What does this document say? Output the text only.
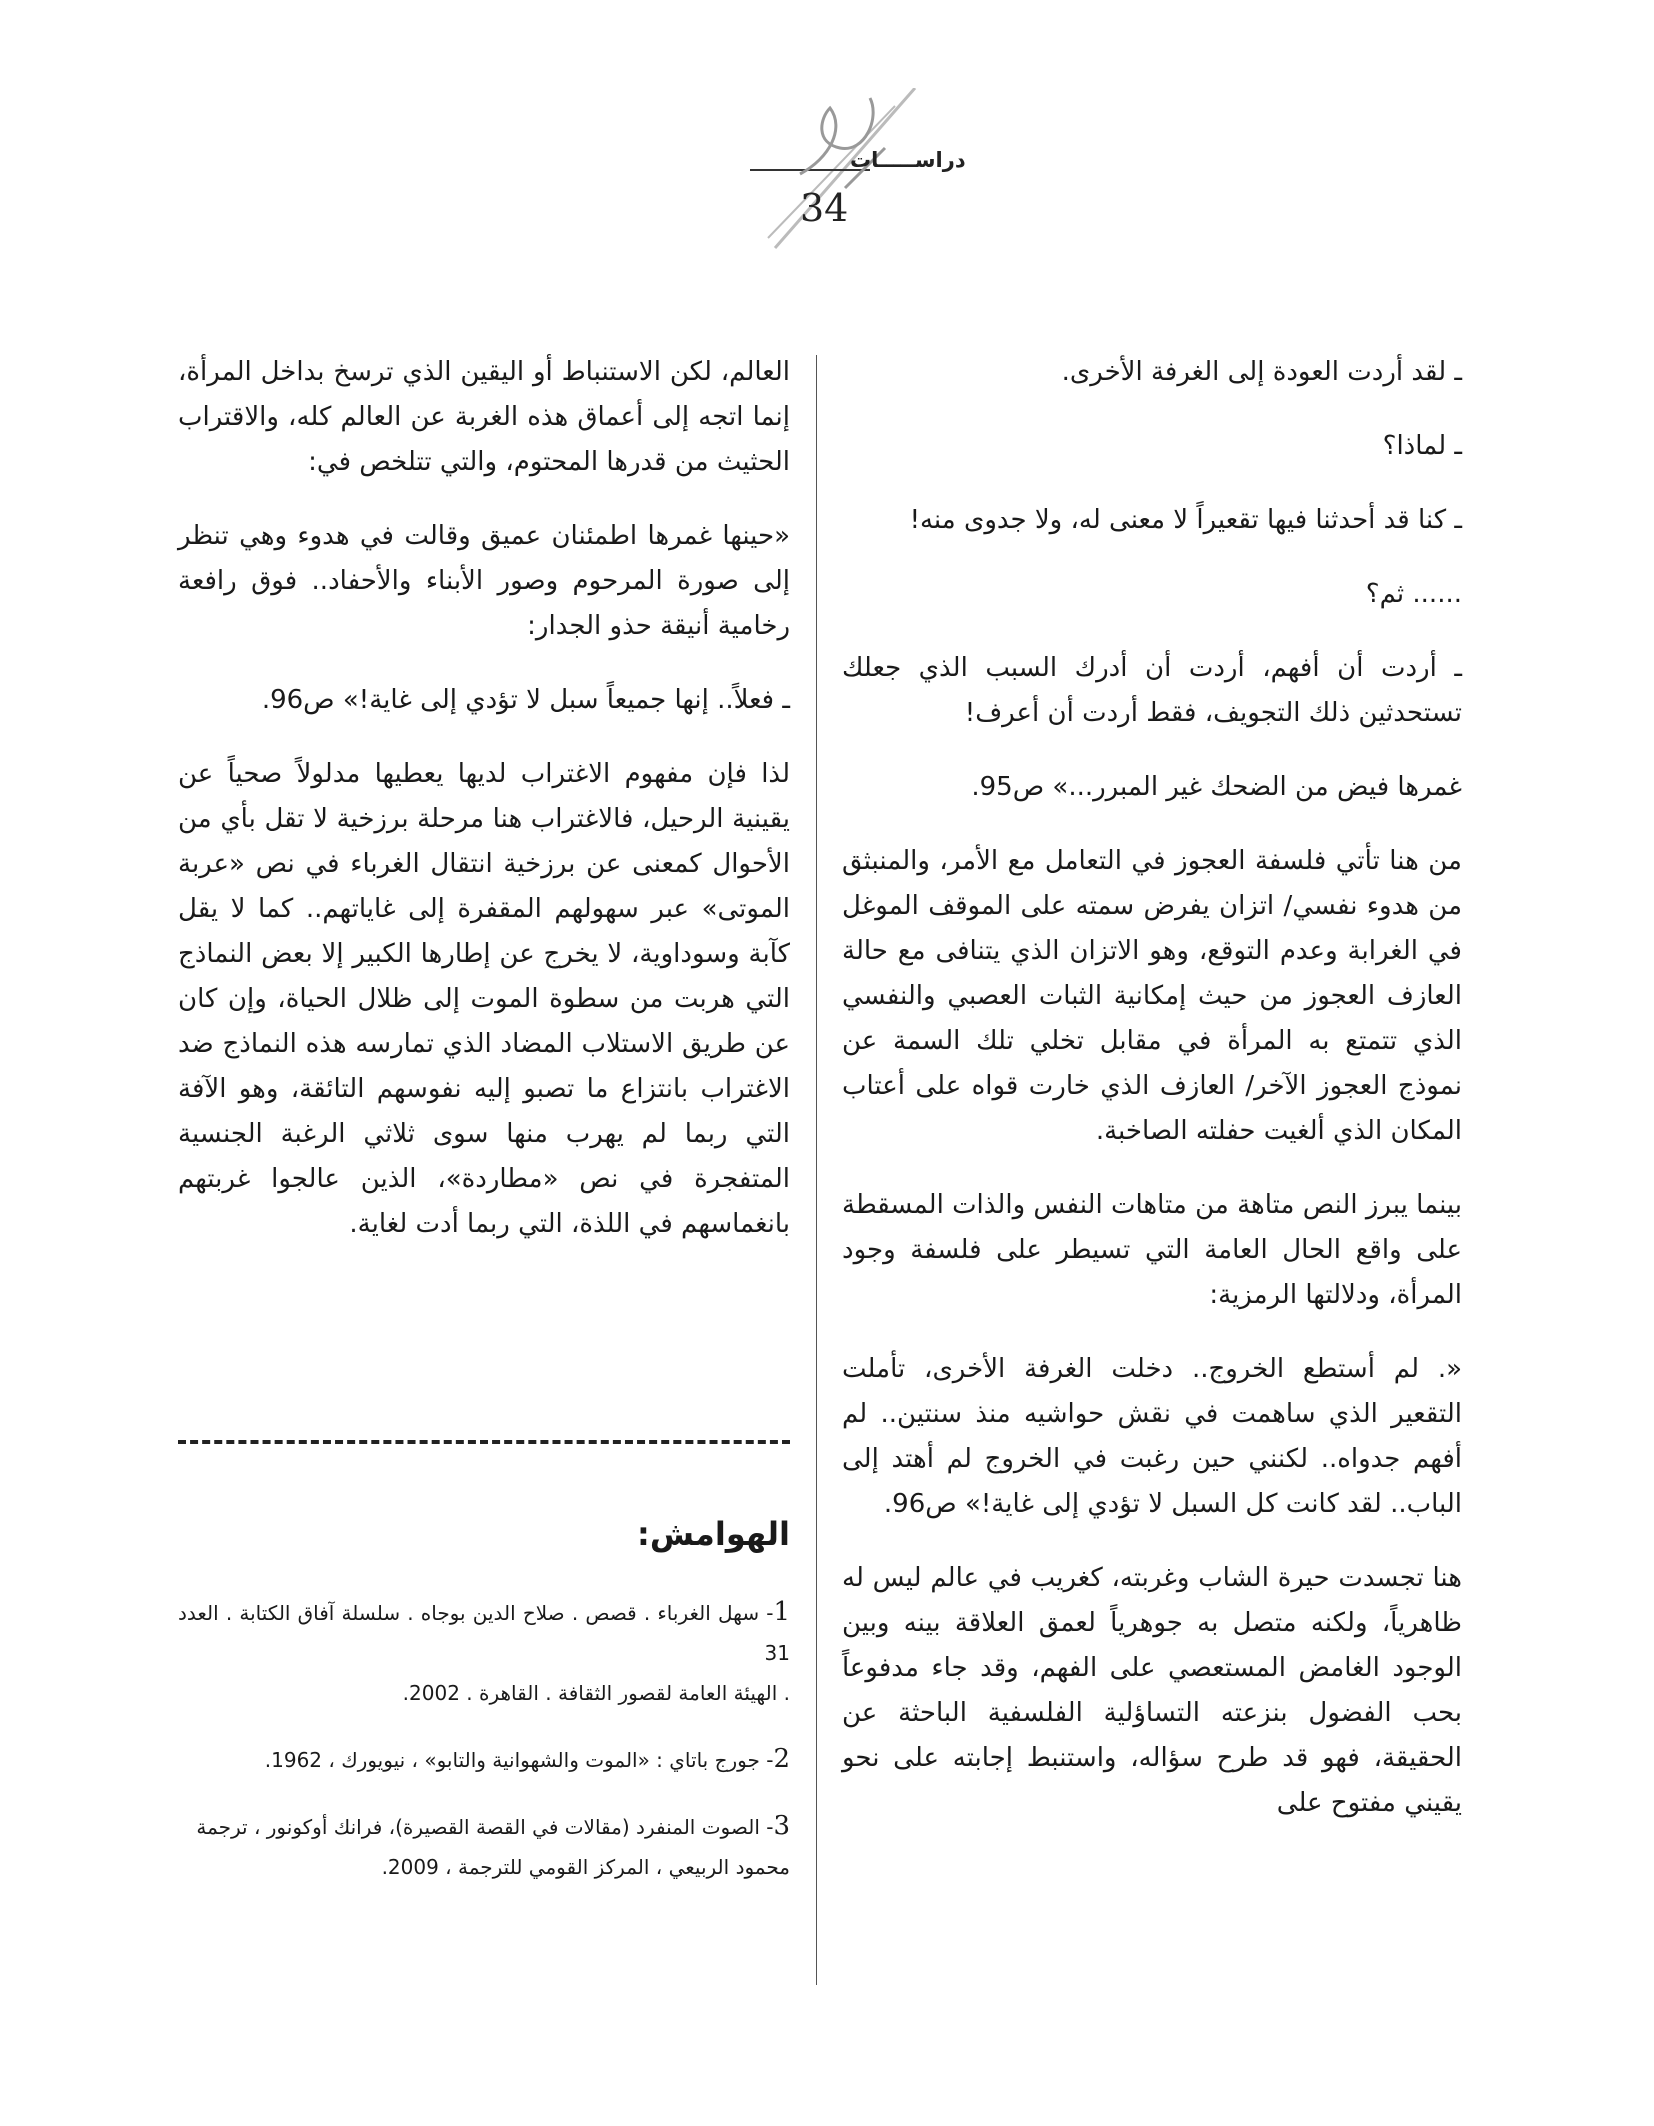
دراســـــات
34

ـ لقد أردت العودة إلى الغرفة الأخرى.

ـ لماذا؟

ـ كنا قد أحدثنا فيها تقعيراً لا معنى له، ولا جدوى منه!

...... ثم؟

ـ أردت أن أفهم، أردت أن أدرك السبب الذي جعلك تستحدثين ذلك التجويف، فقط أردت أن أعرف!

غمرها فيض من الضحك غير المبرر...» ص95.

من هنا تأتي فلسفة العجوز في التعامل مع الأمر، والمنبثق من هدوء نفسي/ اتزان يفرض سمته على الموقف الموغل في الغرابة وعدم التوقع، وهو الاتزان الذي يتنافى مع حالة العازف العجوز من حيث إمكانية الثبات العصبي والنفسي الذي تتمتع به المرأة في مقابل تخلي تلك السمة عن نموذج العجوز الآخر/ العازف الذي خارت قواه على أعتاب المكان الذي ألغيت حفلته الصاخبة.

بينما يبرز النص متاهة من متاهات النفس والذات المسقطة على واقع الحال العامة التي تسيطر على فلسفة وجود المرأة، ودلالتها الرمزية:

«. لم أستطع الخروج.. دخلت الغرفة الأخرى، تأملت التقعير الذي ساهمت في نقش حواشيه منذ سنتين.. لم أفهم جدواه.. لكنني حين رغبت في الخروج لم أهتد إلى الباب.. لقد كانت كل السبل لا تؤدي إلى غاية!» ص96.

هنا تجسدت حيرة الشاب وغربته، كغريب في عالم ليس له ظاهرياً، ولكنه متصل به جوهرياً لعمق العلاقة بينه وبين الوجود الغامض المستعصي على الفهم، وقد جاء مدفوعاً بحب الفضول بنزعته التساؤلية الفلسفية الباحثة عن الحقيقة، فهو قد طرح سؤاله، واستنبط إجابته على نحو يقيني مفتوح على

العالم، لكن الاستنباط أو اليقين الذي ترسخ بداخل المرأة، إنما اتجه إلى أعماق هذه الغربة عن العالم كله، والاقتراب الحثيث من قدرها المحتوم، والتي تتلخص في:

«حينها غمرها اطمئنان عميق وقالت في هدوء وهي تنظر إلى صورة المرحوم وصور الأبناء والأحفاد.. فوق رافعة رخامية أنيقة حذو الجدار:

ـ فعلاً.. إنها جميعاً سبل لا تؤدي إلى غاية!» ص96.

لذا فإن مفهوم الاغتراب لديها يعطيها مدلولاً صحياً عن يقينية الرحيل، فالاغتراب هنا مرحلة برزخية لا تقل بأي من الأحوال كمعنى عن برزخية انتقال الغرباء في نص «عربة الموتى» عبر سهولهم المقفرة إلى غاياتهم.. كما لا يقل كآبة وسوداوية، لا يخرج عن إطارها الكبير إلا بعض النماذج التي هربت من سطوة الموت إلى ظلال الحياة، وإن كان عن طريق الاستلاب المضاد الذي تمارسه هذه النماذج ضد الاغتراب بانتزاع ما تصبو إليه نفوسهم التائقة، وهو الآفة التي ربما لم يهرب منها سوى ثلاثي الرغبة الجنسية المتفجرة في نص «مطاردة»، الذين عالجوا غربتهم بانغماسهم في اللذة، التي ربما أدت لغاية.

الهوامش:

1- سهل الغرباء . قصص . صلاح الدين بوجاه . سلسلة آفاق الكتابة . العدد 31
. الهيئة العامة لقصور الثقافة . القاهرة . 2002.

2- جورج باتاي : «الموت والشهوانية والتابو» ، نيويورك ، 1962.

3- الصوت المنفرد (مقالات في القصة القصيرة)، فرانك أوكونور ، ترجمة
محمود الربيعي ، المركز القومي للترجمة ، 2009.
